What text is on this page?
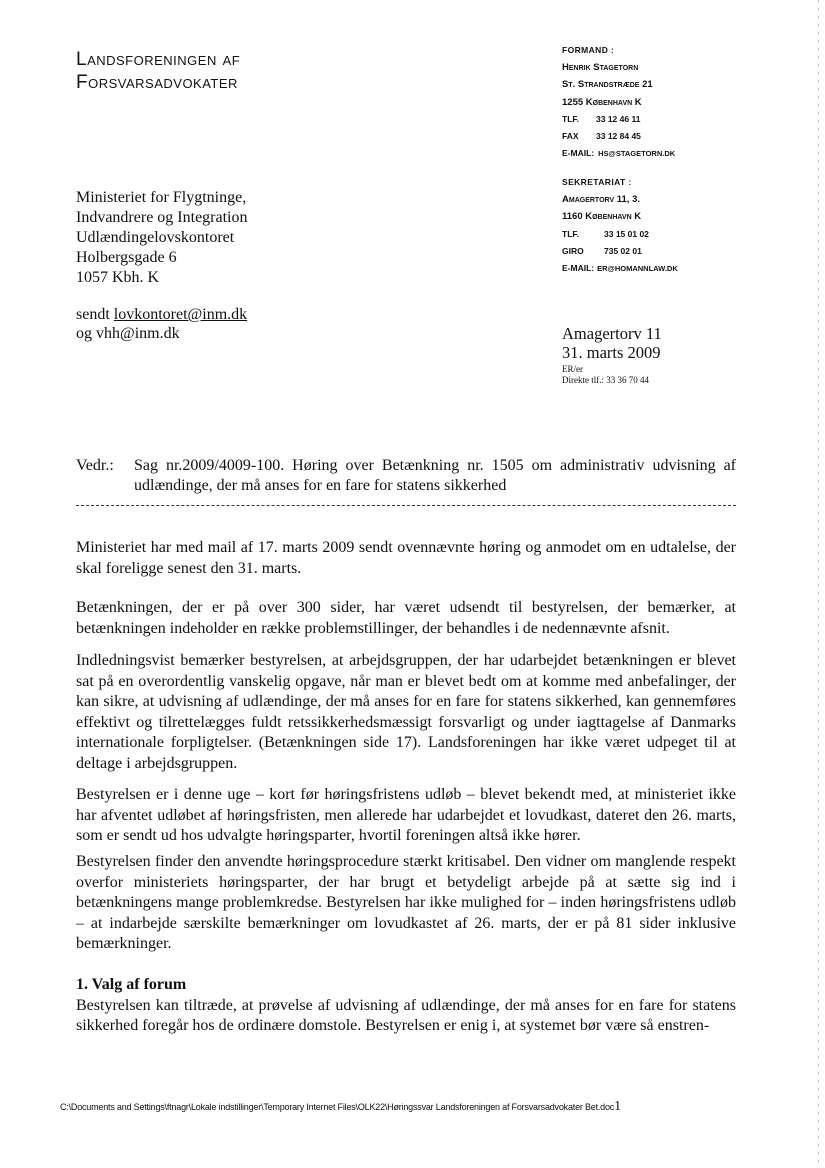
Landsforeningen af
Forsvarsadvokater
FORMAND :
Henrik Stagetorn
St. Strandstræde 21
1255 København K
TLF.	33 12 46 11
FAX	33 12 84 45
E-MAIL: HS@STAGETORN.DK
SEKRETARIAT :
Amagertorv 11, 3.
1160 København K
TLF.	33 15 01 02
GIRO	735 02 01
E-MAIL: ER@HOMANNLAW.DK
Ministeriet for Flygtninge,
Indvandrere og Integration
Udlændingelovskontoret
Holbergsgade 6
1057 Kbh. K
sendt lovkontoret@inm.dk
og vhh@inm.dk	Amagertorv 11
31. marts 2009
ER/er
Direkte tlf.: 33 36 70 44
Vedr.:	Sag nr.2009/4009-100. Høring over Betænkning nr. 1505 om administrativ udvisning af udlændinge, der må anses for en fare for statens sikkerhed

Ministeriet har med mail af 17. marts 2009 sendt ovennævnte høring og anmodet om en udtalelse, der skal foreligge senest den 31. marts.

Betænkningen, der er på over 300 sider, har været udsendt til bestyrelsen, der bemærker, at betænkningen indeholder en række problemstillinger, der behandles i de nedennævnte afsnit.

Indledningsvist bemærker bestyrelsen, at arbejdsgruppen, der har udarbejdet betænkningen er blevet sat på en overordentlig vanskelig opgave, når man er blevet bedt om at komme med anbefalinger, der kan sikre, at udvisning af udlændinge, der må anses for en fare for statens sikkerhed, kan gennemføres effektivt og tilrettelægges fuldt retssikkerhedsmæssigt forsvarligt og under iagttagelse af Danmarks internationale forpligtelser. (Betænkningen side 17). Landsforeningen har ikke været udpeget til at deltage i arbejdsgruppen.

Bestyrelsen er i denne uge – kort før høringsfristens udløb – blevet bekendt med, at ministeriet ikke har afventet udløbet af høringsfristen, men allerede har udarbejdet et lovudkast, dateret den 26. marts, som er sendt ud hos udvalgte høringsparter, hvortil foreningen altså ikke hører.

Bestyrelsen finder den anvendte høringsprocedure stærkt kritisabel. Den vidner om manglende respekt overfor ministeriets høringsparter, der har brugt et betydeligt arbejde på at sætte sig ind i betænkningens mange problemkredse. Bestyrelsen har ikke mulighed for – inden høringsfristens udløb – at indarbejde særskilte bemærkninger om lovudkastet af 26. marts, der er på 81 sider inklusive bemærkninger.

1. Valg af forum
Bestyrelsen kan tiltræde, at prøvelse af udvisning af udlændinge, der må anses for en fare for statens sikkerhed foregår hos de ordinære domstole. Bestyrelsen er enig i, at systemet bør være så enstren-
C:\Documents and Settings\ftnagr\Lokale indstillinger\Temporary Internet Files\OLK22\Høringssvar Landsforeningen af Forsvarsadvokater Bet.doc1
